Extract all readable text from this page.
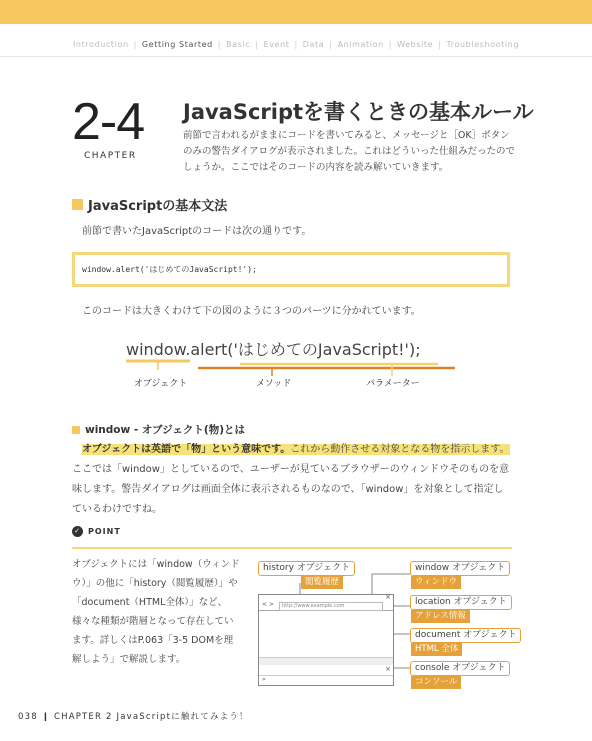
Introduction | Getting Started | Basic | Event | Data | Animation | Website | Troubleshooting
2-4
CHAPTER
JavaScriptを書くときの基本ルール
前節で言われるがままにコードを書いてみると、メッセージと［OK］ボタンのみの警告ダイアログが表示されました。これはどういった仕組みだったのでしょうか。ここではそのコードの内容を読み解いていきます。
JavaScriptの基本文法
前節で書いたJavaScriptのコードは次の通りです。
window.alert('はじめてのJavaScript!');
このコードは大きくわけて下の図のように３つのパーツに分かれています。
window.alert('はじめてのJavaScript!');
オブジェクト	メソッド	パラメーター
window - オブジェクト(物)とは
オブジェクトは英語で「物」という意味です。これから動作させる対象となる物を指示します。ここでは「window」としているので、ユーザーが見ているブラウザーのウィンドウそのものを意味します。警告ダイアログは画面全体に表示されるものなので、「window」を対象として指定しているわけですね。
✓ POINT
オブジェクトには「window（ウィンドウ）」の他に「history（閲覧履歴）」や「document（HTML全体）」など、様々な種類が階層となって存在しています。詳しくはP.063「3-5 DOMを理解しよう」で解説します。
×
< >	http://www.example.com
×
»
history オブジェクト
閲覧履歴
window オブジェクト
ウィンドウ
location オブジェクト
アドレス情報
document オブジェクト
HTML 全体
console オブジェクト
コンソール
038 ❙ CHAPTER 2 JavaScriptに触れてみよう！
